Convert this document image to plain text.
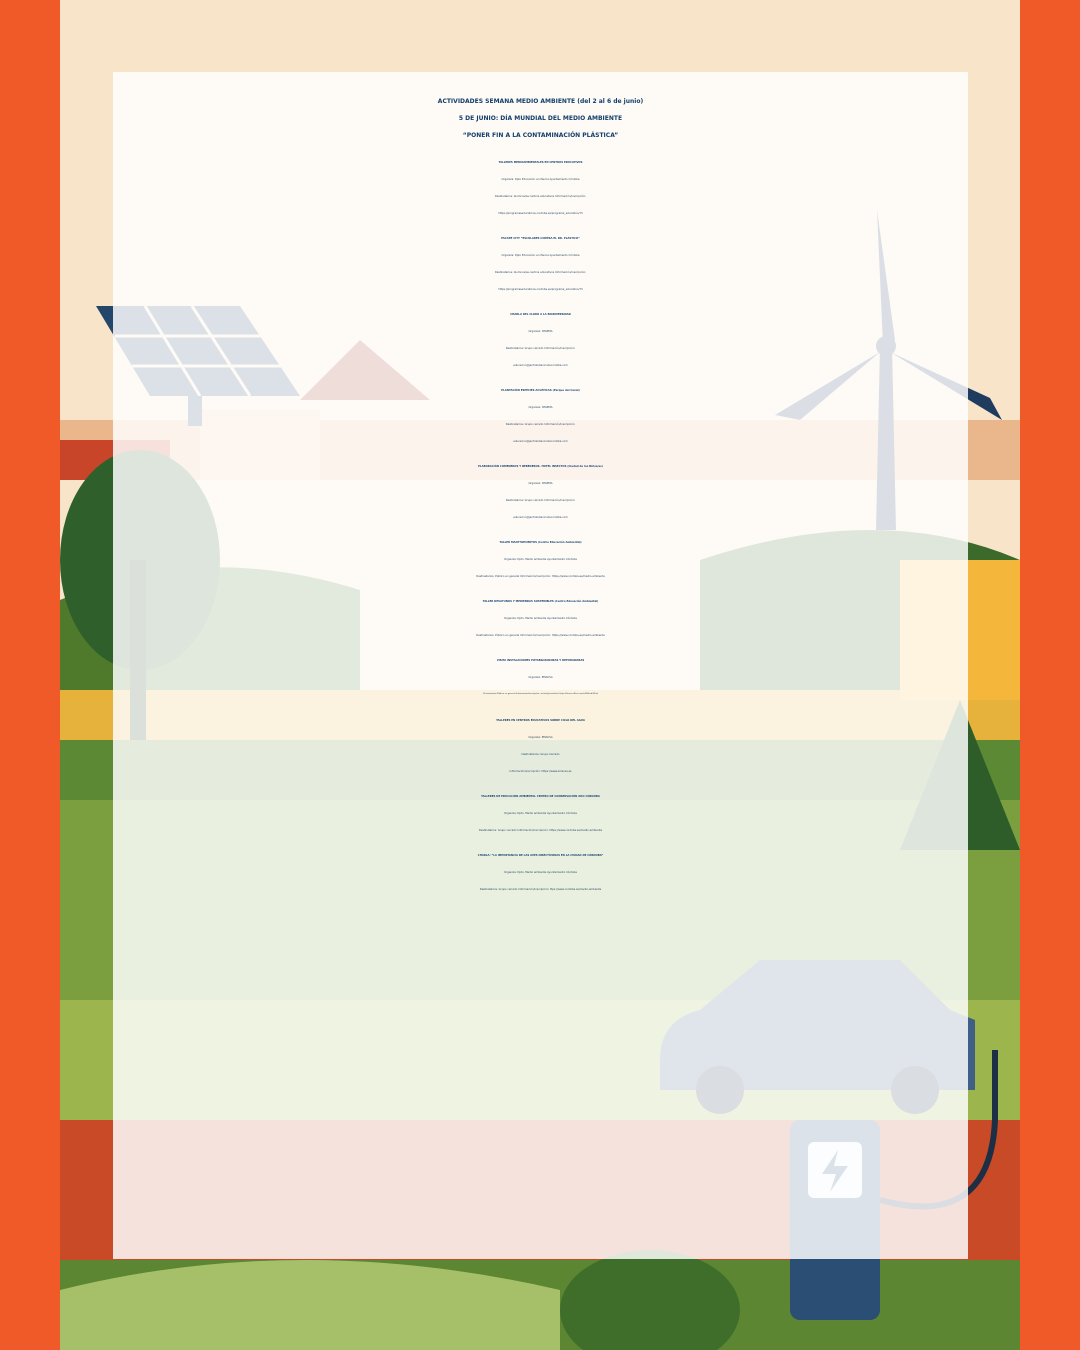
ACTIVIDADES SEMANA MEDIO AMBIENTE (del 2 al 6 de junio)
5 DE JUNIO: DÍA MUNDIAL DEL MEDIO AMBIENTE
“PONER FIN A LA CONTAMINACIÓN PLÁSTICA”
TALLERES MEDIOAMBIENTALES EN CENTROS EDUCATIVOS
Organiza: Dpto Educación e Infancia Ayuntamiento Córdoba
Destinatarios: Alumnos/as centros educativos Información/inscripción:
https://programaseducativos.cordoba.es/programa_educativo/73
ESCAPE CITY “ESCOLARES CONTRA EL DR. PLÁSTICO”
Organiza: Dpto Educación e Infancia Ayuntamiento Córdoba
Destinatarios: Alumnos/as centros educativos Información/inscripción:
https://programaseducativos.cordoba.es/programa_educativo/73
CHARLA DEL CLORO A LA BIODIVERSIDAD
Organiza: IMGEMA
Destinatarios: Grupo cerrado Información/inscripción:
educacion@jardinbotanicodecordoba.com
PLANTACIÓN ESPECIES ACUÁTICAS (Parque del Canal)
Organiza: IMGEMA
Destinatarios: Grupo cerrado Información/inscripción:
educacion@jardinbotanicodecordoba.com
ELABORACIÓN COMEDEROS Y BEBEDEROS. HOTEL INSECTOS (Ciudad de los Niños/as)
Organiza: IMGEMA
Destinatarios: Grupo cerrado Información/inscripción:
educacion@jardinbotanicodecordoba.com
TALLER MACETOHUERTOS (Centro Educación Ambiental)
Organiza: Dpto. Medio ambiente Ayuntamiento Córdoba
Destinatarios: Público en general Información/inscripción: https://www.cordoba.es/medio-ambiente
TALLER DESAYUNOS Y MERIENDAS SOSTENIBLES (Centro Educación Ambiental)
Organiza: Dpto. Medio ambiente Ayuntamiento Córdoba
Destinatarios: Público en general Información/inscripción: https://www.cordoba.es/medio-ambiente
VISITA INSTALACIONES POTABILIZADORAS Y DEPURADORAS
Organiza: EMACSA
Destinatarios:Público en general Información/inscripción: visitas@mesto.bio https://forms.office.com/e/NHhvbi5Xud
TALLERES EN CENTROS EDUCATIVOS SOBRE CICLO DEL AGUA
Organiza: EMACSA
Destinatarios: Grupo Cerrado
Información/inscripción: https://www.emacsa.es
TALLERES DE EDUCACIÓN AMBIENTAL CENTRO DE CONSERVACIÓN ZOO CÓRDOBA
Organiza: Dpto. Medio ambiente Ayuntamiento Córdoba
Destinatarios: Grupo cerrado Información/inscripción: https://www.cordoba.es/medio-ambiente
CHARLA: “LA IMPORTANCIA DE LAS AVES INSECTÍVORAS EN LA CIUDAD DE CÓRDOBA”
Organiza: Dpto. Medio ambiente Ayuntamiento Córdoba
Destinatarios: Grupo cerrado Información/inscripción: ttps://www.cordoba.es/medio-ambiente
